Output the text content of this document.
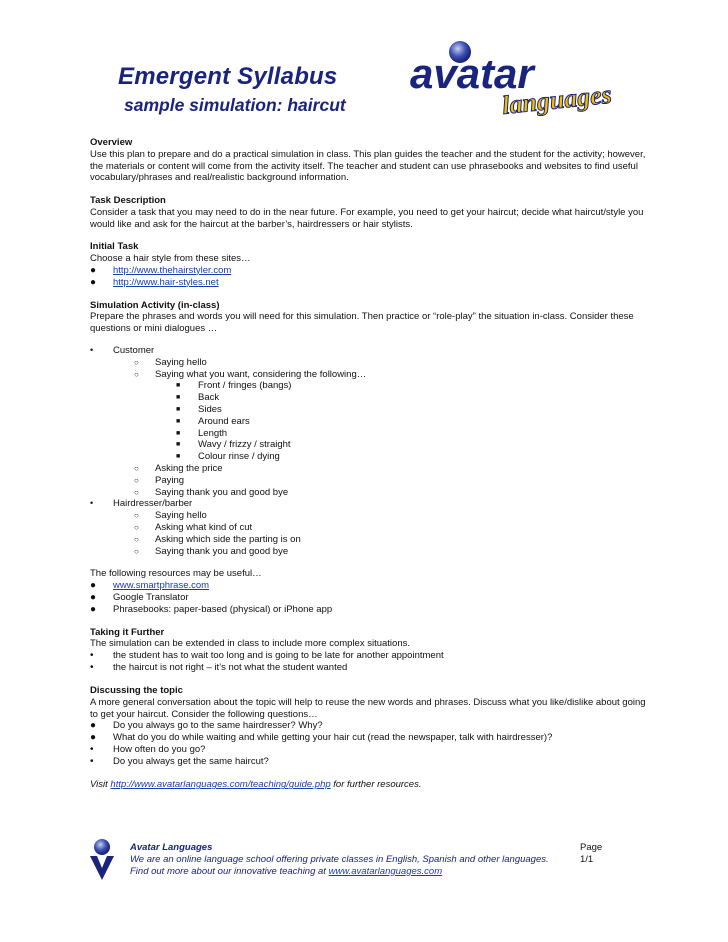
Emergent Syllabus
sample simulation: haircut
avatar
languages
Overview
Use this plan to prepare and do a practical simulation in class. This plan guides the teacher and the student for the activity; however, the materials or content will come from the activity itself. The teacher and student can use phrasebooks and websites to find useful vocabulary/phrases and real/realistic background information.
Task Description
Consider a task that you may need to do in the near future. For example, you need to get your haircut; decide what haircut/style you would like and ask for the haircut at the barber’s, hairdressers or hair stylists.
Initial Task
Choose a hair style from these sites…
● http://www.thehairstyler.com
● http://www.hair-styles.net
Simulation Activity (in-class)
Prepare the phrases and words you will need for this simulation. Then practice or “role-play” the situation in-class. Consider these questions or mini dialogues …
• Customer
○ Saying hello
○ Saying what you want, considering the following…
■ Front / fringes (bangs)
■ Back
■ Sides
■ Around ears
■ Length
■ Wavy / frizzy / straight
■ Colour rinse / dying
○ Asking the price
○ Paying
○ Saying thank you and good bye
• Hairdresser/barber
○ Saying hello
○ Asking what kind of cut
○ Asking which side the parting is on
○ Saying thank you and good bye
The following resources may be useful…
● www.smartphrase.com
● Google Translator
● Phrasebooks: paper-based (physical) or iPhone app
Taking it Further
The simulation can be extended in class to include more complex situations.
• the student has to wait too long and is going to be late for another appointment
• the haircut is not right – it’s not what the student wanted
Discussing the topic
A more general conversation about the topic will help to reuse the new words and phrases. Discuss what you like/dislike about going to get your haircut. Consider the following questions…
● Do you always go to the same hairdresser? Why?
● What do you do while waiting and while getting your hair cut (read the newspaper, talk with hairdresser)?
• How often do you go?
• Do you always get the same haircut?
Visit http://www.avatarlanguages.com/teaching/guide.php for further resources.
Avatar Languages
We are an online language school offering private classes in English, Spanish and other languages.
Find out more about our innovative teaching at www.avatarlanguages.com
Page
1/1
